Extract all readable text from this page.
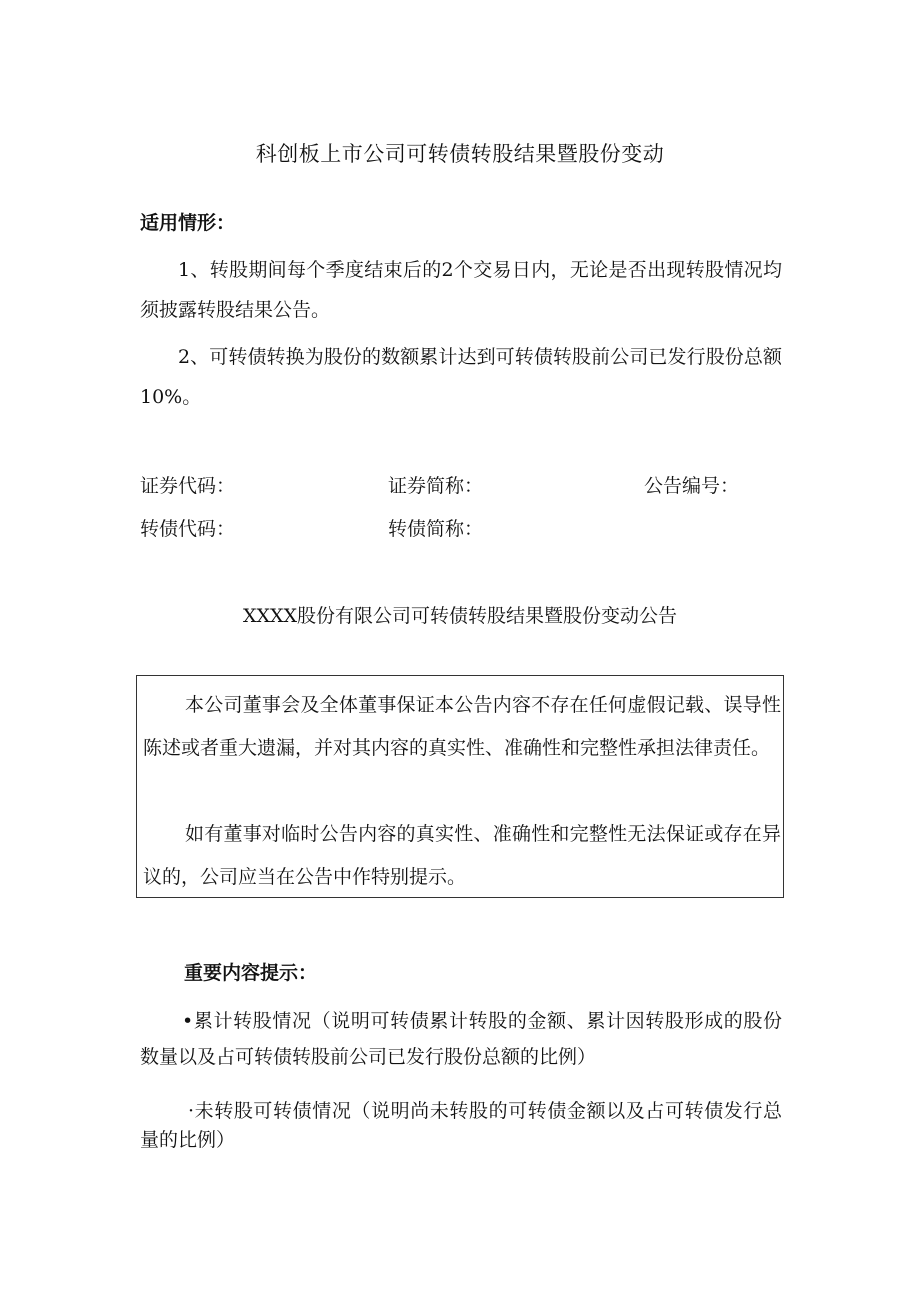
科创板上市公司可转债转股结果暨股份变动
适用情形：
1、转股期间每个季度结束后的2个交易日内，无论是否出现转股情况均须披露转股结果公告。
2、可转债转换为股份的数额累计达到可转债转股前公司已发行股份总额10%。
证券代码：	证券简称：	公告编号：
转债代码：	转债简称：
XXXX股份有限公司可转债转股结果暨股份变动公告
本公司董事会及全体董事保证本公告内容不存在任何虚假记载、误导性陈述或者重大遗漏，并对其内容的真实性、准确性和完整性承担法律责任。
如有董事对临时公告内容的真实性、准确性和完整性无法保证或存在异议的，公司应当在公告中作特别提示。
重要内容提示：
•累计转股情况（说明可转债累计转股的金额、累计因转股形成的股份数量以及占可转债转股前公司已发行股份总额的比例）
·未转股可转债情况（说明尚未转股的可转债金额以及占可转债发行总量的比例）
